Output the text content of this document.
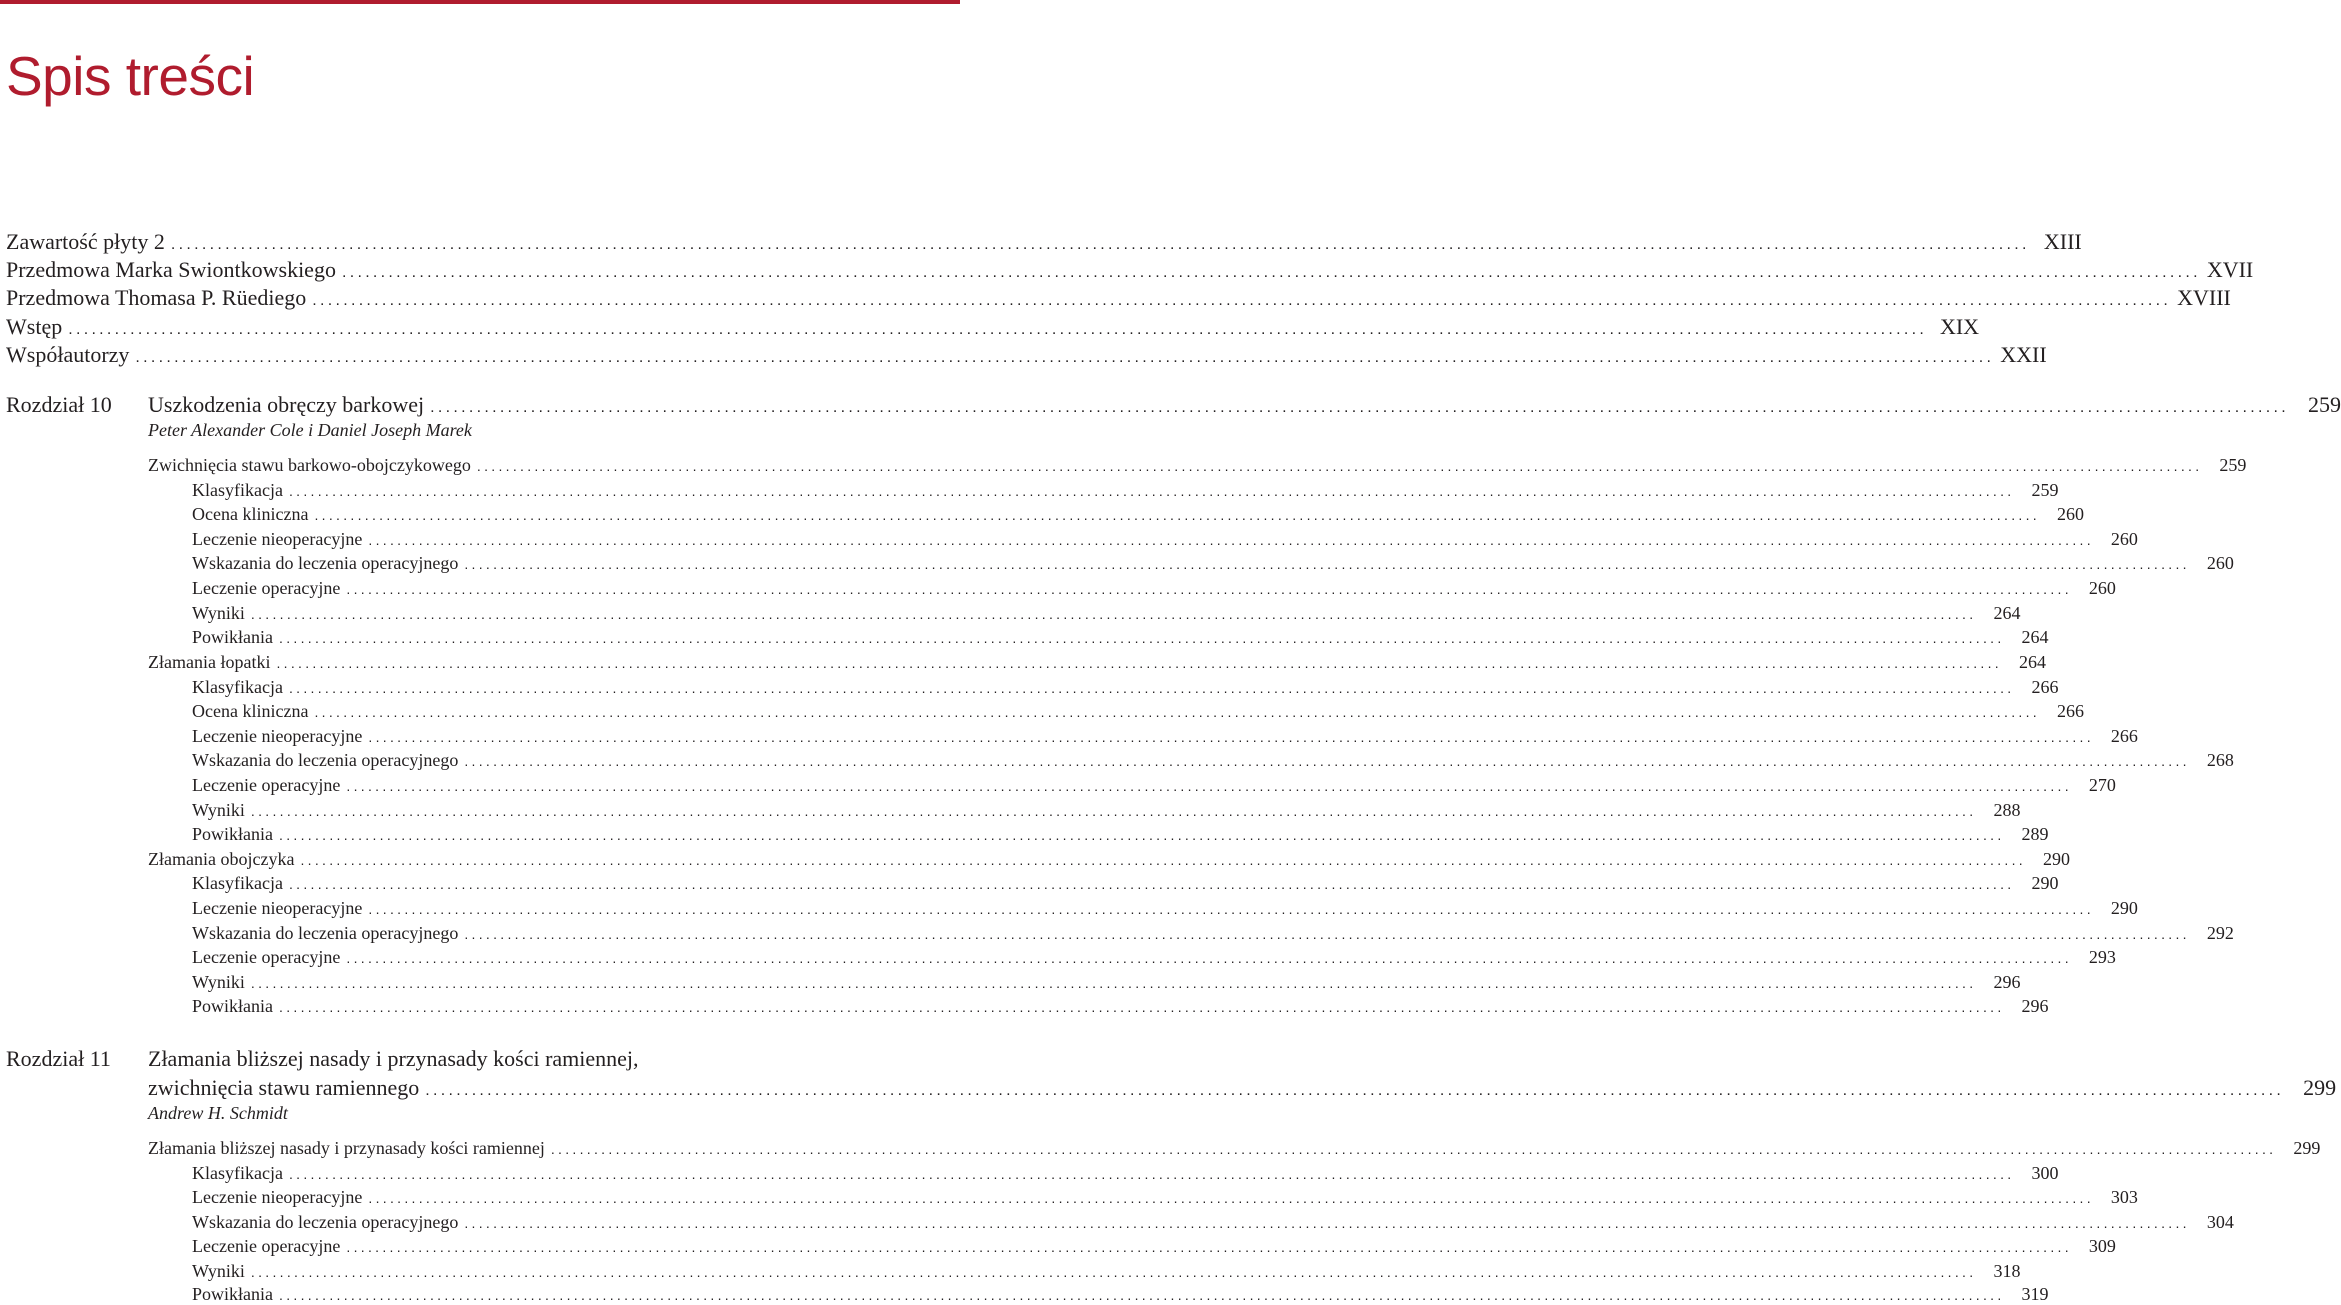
Spis treści
Zawartość płyty 2 ................................................................................................................................................................................................................................................ XIII
Przedmowa Marka Swiontkowskiego ................................................................................................................................................................................................................................................ XVII
Przedmowa Thomasa P. Rüediego ................................................................................................................................................................................................................................................ XVIII
Wstęp ................................................................................................................................................................................................................................................ XIX
Współautorzy ................................................................................................................................................................................................................................................ XXII
Rozdział 10 Uszkodzenia obręczy barkowej ................................................................................................................................................................................................................................................ 259
Peter Alexander Cole i Daniel Joseph Marek
Zwichnięcia stawu barkowo-obojczykowego ................................................................................................................................................................................................................................................ 259
Klasyfikacja ................................................................................................................................................................................................................................................ 259
Ocena kliniczna ................................................................................................................................................................................................................................................ 260
Leczenie nieoperacyjne ................................................................................................................................................................................................................................................ 260
Wskazania do leczenia operacyjnego ................................................................................................................................................................................................................................................ 260
Leczenie operacyjne ................................................................................................................................................................................................................................................ 260
Wyniki ................................................................................................................................................................................................................................................ 264
Powikłania ................................................................................................................................................................................................................................................ 264
Złamania łopatki ................................................................................................................................................................................................................................................ 264
Klasyfikacja ................................................................................................................................................................................................................................................ 266
Ocena kliniczna ................................................................................................................................................................................................................................................ 266
Leczenie nieoperacyjne ................................................................................................................................................................................................................................................ 266
Wskazania do leczenia operacyjnego ................................................................................................................................................................................................................................................ 268
Leczenie operacyjne ................................................................................................................................................................................................................................................ 270
Wyniki ................................................................................................................................................................................................................................................ 288
Powikłania ................................................................................................................................................................................................................................................ 289
Złamania obojczyka ................................................................................................................................................................................................................................................ 290
Klasyfikacja ................................................................................................................................................................................................................................................ 290
Leczenie nieoperacyjne ................................................................................................................................................................................................................................................ 290
Wskazania do leczenia operacyjnego ................................................................................................................................................................................................................................................ 292
Leczenie operacyjne ................................................................................................................................................................................................................................................ 293
Wyniki ................................................................................................................................................................................................................................................ 296
Powikłania ................................................................................................................................................................................................................................................ 296
Rozdział 11 Złamania bliższej nasady i przynasady kości ramiennej,
zwichnięcia stawu ramiennego ................................................................................................................................................................................................................................................ 299
Andrew H. Schmidt
Złamania bliższej nasady i przynasady kości ramiennej ................................................................................................................................................................................................................................................ 299
Klasyfikacja ................................................................................................................................................................................................................................................ 300
Leczenie nieoperacyjne ................................................................................................................................................................................................................................................ 303
Wskazania do leczenia operacyjnego ................................................................................................................................................................................................................................................ 304
Leczenie operacyjne ................................................................................................................................................................................................................................................ 309
Wyniki ................................................................................................................................................................................................................................................ 318
Powikłania ................................................................................................................................................................................................................................................ 319
